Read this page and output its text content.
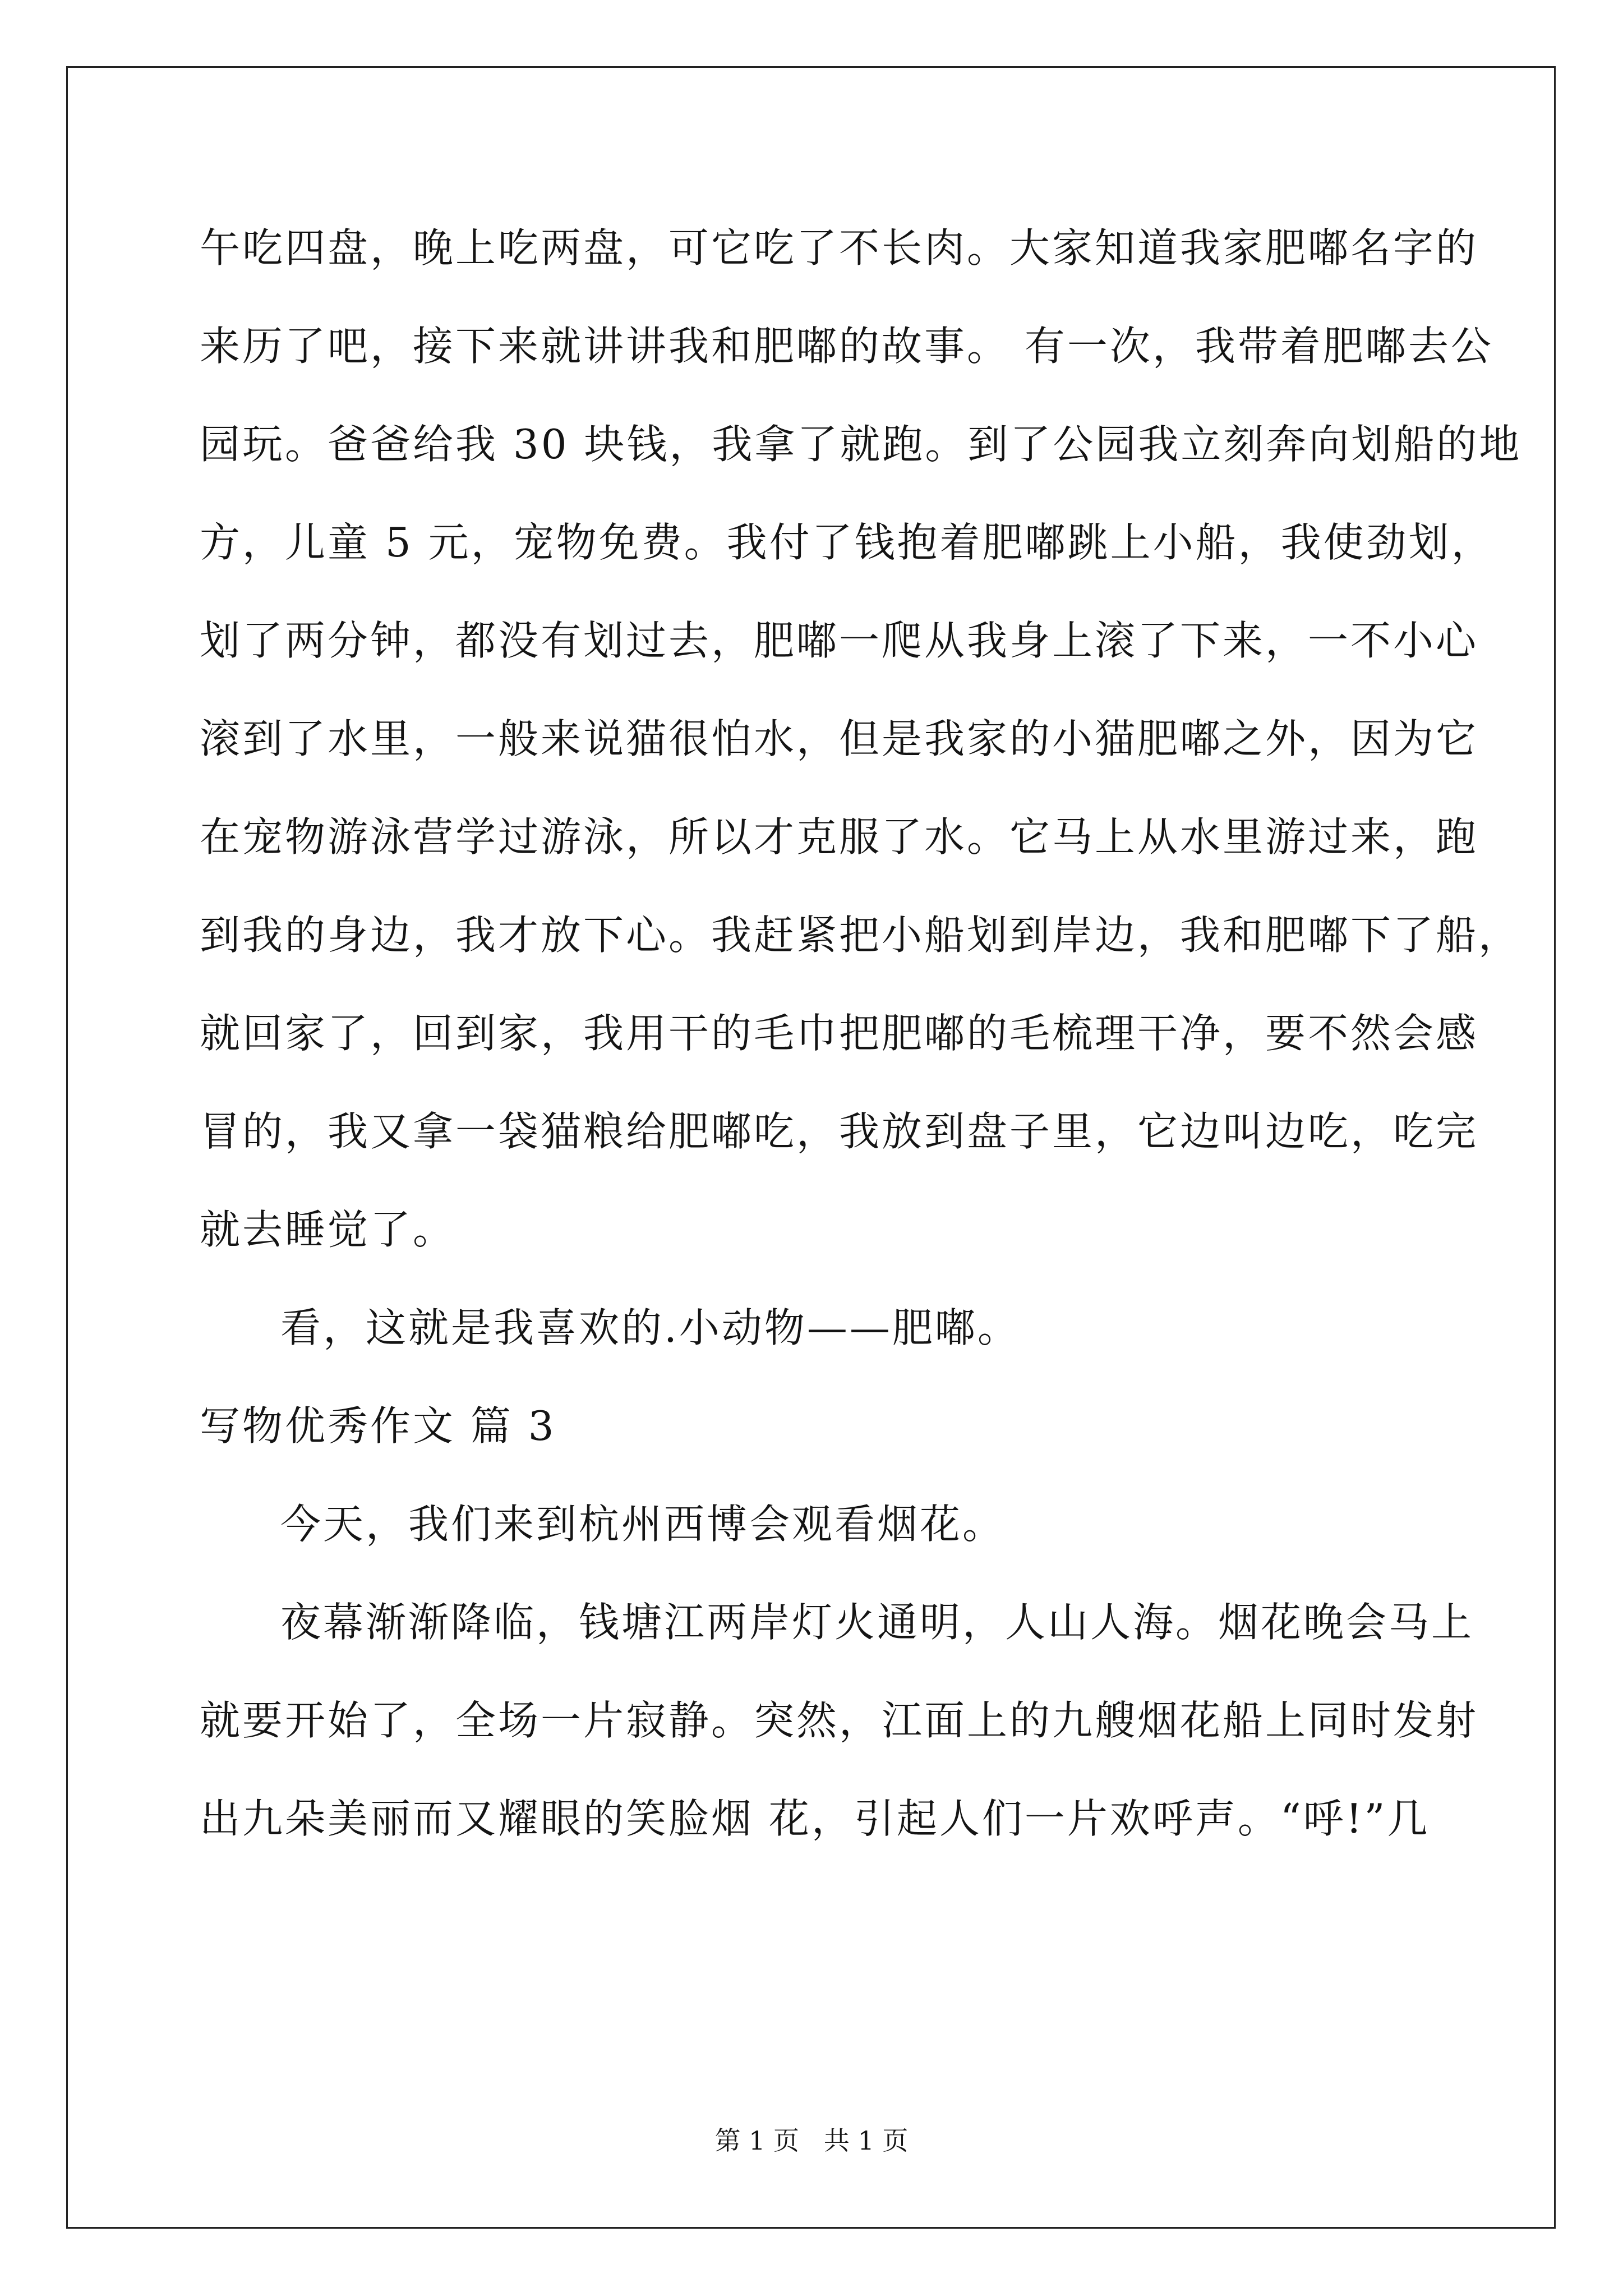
午吃四盘，晚上吃两盘，可它吃了不长肉。大家知道我家肥嘟名字的
来历了吧，接下来就讲讲我和肥嘟的故事。 有一次，我带着肥嘟去公
园玩。爸爸给我 30 块钱，我拿了就跑。到了公园我立刻奔向划船的地
方，儿童 5 元，宠物免费。我付了钱抱着肥嘟跳上小船，我使劲划，
划了两分钟，都没有划过去，肥嘟一爬从我身上滚了下来，一不小心
滚到了水里，一般来说猫很怕水，但是我家的小猫肥嘟之外，因为它
在宠物游泳营学过游泳，所以才克服了水。它马上从水里游过来，跑
到我的身边，我才放下心。我赶紧把小船划到岸边，我和肥嘟下了船，
就回家了，回到家，我用干的毛巾把肥嘟的毛梳理干净，要不然会感
冒的，我又拿一袋猫粮给肥嘟吃，我放到盘子里，它边叫边吃，吃完
就去睡觉了。
看，这就是我喜欢的.小动物——肥嘟。
写物优秀作文 篇 3
今天，我们来到杭州西博会观看烟花。
夜幕渐渐降临，钱塘江两岸灯火通明，人山人海。烟花晚会马上
就要开始了，全场一片寂静。突然，江面上的九艘烟花船上同时发射
出九朵美丽而又耀眼的笑脸烟 花，引起人们一片欢呼声。“呼!”几
第 1 页   共 1 页
